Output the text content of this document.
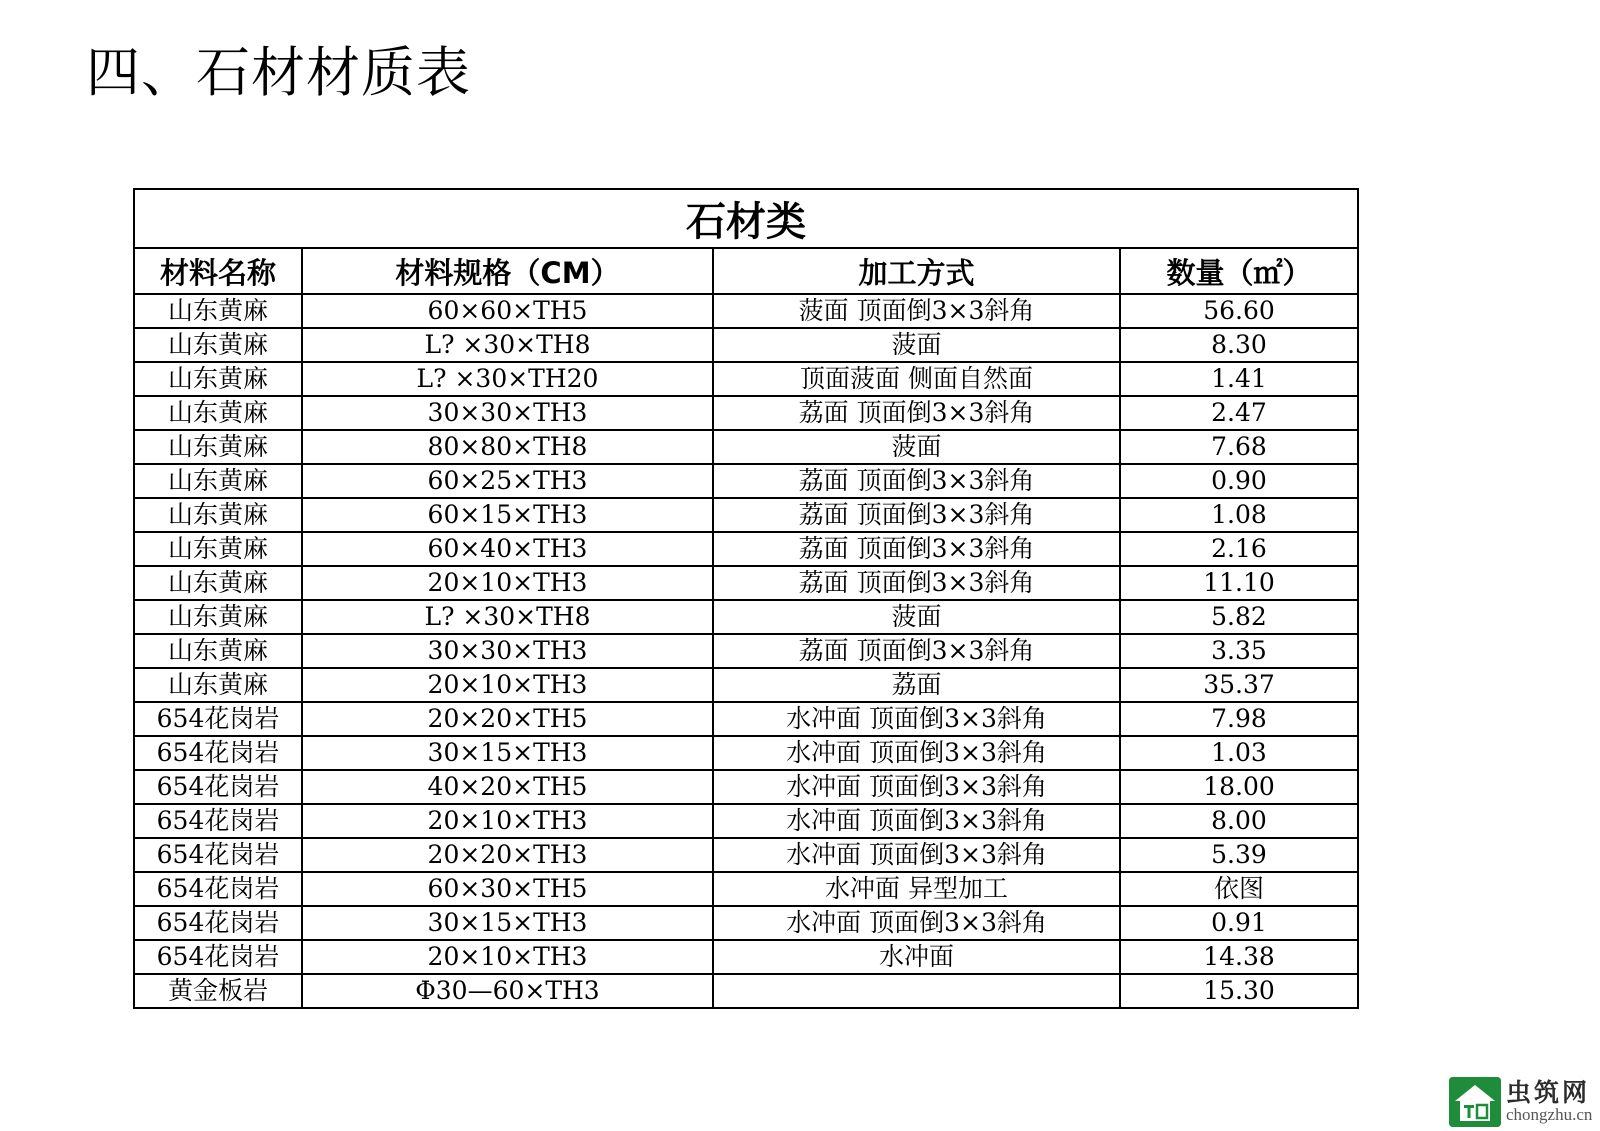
四、石材材质表
石材类			
材料名称	材料规格（CM）	加工方式	数量（㎡）
山东黄麻	60×60×TH5	菠面 顶面倒3×3斜角	56.60
山东黄麻	L? ×30×TH8	菠面	8.30
山东黄麻	L? ×30×TH20	顶面菠面 侧面自然面	1.41
山东黄麻	30×30×TH3	荔面 顶面倒3×3斜角	2.47
山东黄麻	80×80×TH8	菠面	7.68
山东黄麻	60×25×TH3	荔面 顶面倒3×3斜角	0.90
山东黄麻	60×15×TH3	荔面 顶面倒3×3斜角	1.08
山东黄麻	60×40×TH3	荔面 顶面倒3×3斜角	2.16
山东黄麻	20×10×TH3	荔面 顶面倒3×3斜角	11.10
山东黄麻	L? ×30×TH8	菠面	5.82
山东黄麻	30×30×TH3	荔面 顶面倒3×3斜角	3.35
山东黄麻	20×10×TH3	荔面	35.37
654花岗岩	20×20×TH5	水冲面 顶面倒3×3斜角	7.98
654花岗岩	30×15×TH3	水冲面 顶面倒3×3斜角	1.03
654花岗岩	40×20×TH5	水冲面 顶面倒3×3斜角	18.00
654花岗岩	20×10×TH3	水冲面 顶面倒3×3斜角	8.00
654花岗岩	20×20×TH3	水冲面 顶面倒3×3斜角	5.39
654花岗岩	60×30×TH5	水冲面 异型加工	依图
654花岗岩	30×15×TH3	水冲面 顶面倒3×3斜角	0.91
654花岗岩	20×10×TH3	水冲面	14.38
黄金板岩	Φ30—60×TH3		15.30
虫筑网
chongzhu.cn
